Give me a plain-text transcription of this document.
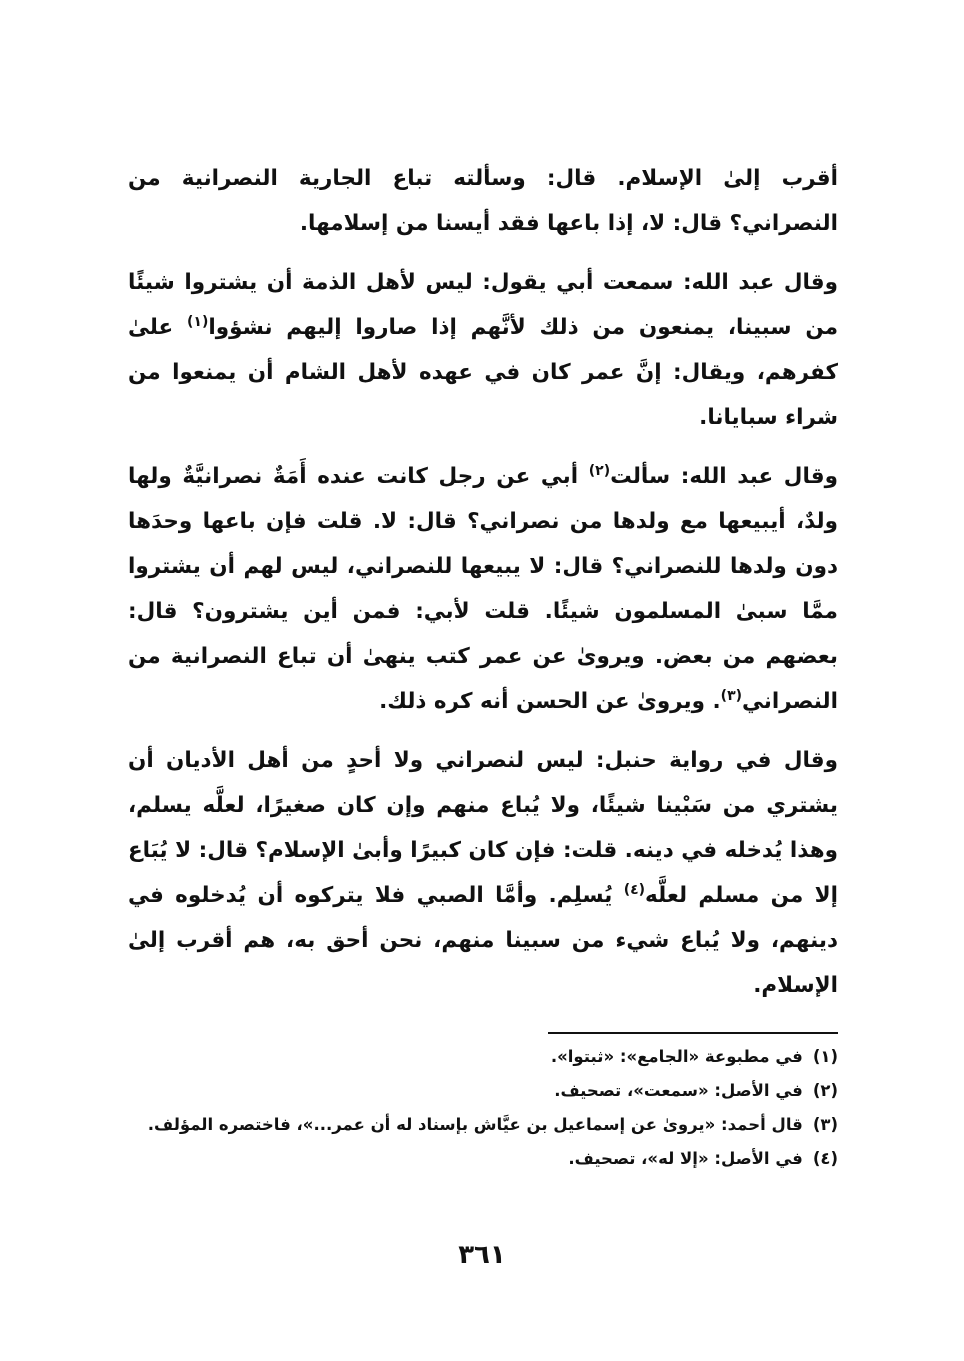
أقرب إلىٰ الإسلام. قال: وسألته تباع الجارية النصرانية من النصراني؟ قال: لا، إذا باعها فقد أيسنا من إسلامها.

وقال عبد الله: سمعت أبي يقول: ليس لأهل الذمة أن يشتروا شيئًا من سبينا، يمنعون من ذلك لأنَّهم إذا صاروا إليهم نشؤوا$^{(١)}$ علىٰ كفرهم، ويقال: إنَّ عمر كان في عهده لأهل الشام أن يمنعوا من شراء سبايانا.

وقال عبد الله: سألت$^{(٢)}$ أبي عن رجل كانت عنده أَمَةٌ نصرانيَّةٌ ولها ولدٌ، أيبيعها مع ولدها من نصراني؟ قال: لا. قلت فإن باعها وحدَها دون ولدها للنصراني؟ قال: لا يبيعها للنصراني، ليس لهم أن يشتروا ممَّا سبىٰ المسلمون شيئًا. قلت لأبي: فمن أين يشترون؟ قال: بعضهم من بعض. ويروىٰ عن عمر كتب ينهىٰ أن تباع النصرانية من النصراني$^{(٣)}$. ويروىٰ عن الحسن أنه كره ذلك.

وقال في رواية حنبل: ليس لنصراني ولا أحدٍ من أهل الأديان أن يشتري من سَبْينا شيئًا، ولا يُباع منهم وإن كان صغيرًا، لعلَّه يسلم، وهذا يُدخله في دينه. قلت: فإن كان كبيرًا وأبىٰ الإسلام؟ قال: لا يُبَاع إلا من مسلم لعلَّه$^{(٤)}$ يُسلِم. وأمَّا الصبي فلا يتركوه أن يُدخلوه في دينهم، ولا يُباع شيء من سبينا منهم، نحن أحق به، هم أقرب إلىٰ الإسلام.

(١)
في مطبوعة «الجامع»: «ثبتوا».
(٢)
في الأصل: «سمعت»، تصحيف.
(٣)
قال أحمد: «يروىٰ عن إسماعيل بن عيَّاش بإسناد له أن عمر...»، فاختصره المؤلف.
(٤)
في الأصل: «إلا له»، تصحيف.
٣٦١
